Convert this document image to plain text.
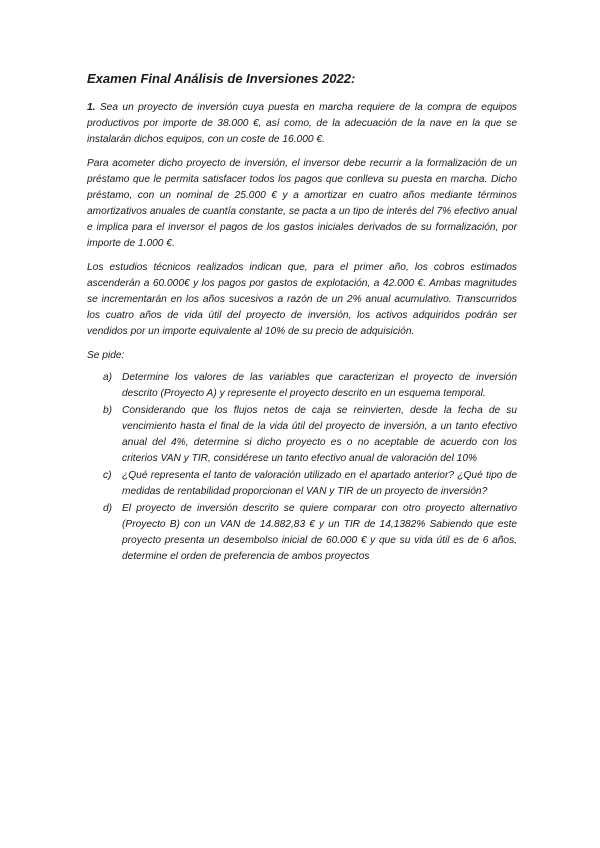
Examen Final Análisis de Inversiones 2022:

1. Sea un proyecto de inversión cuya puesta en marcha requiere de la compra de equipos productivos por importe de 38.000 €, así como, de la adecuación de la nave en la que se instalarán dichos equipos, con un coste de 16.000 €.

Para acometer dicho proyecto de inversión, el inversor debe recurrir a la formalización de un préstamo que le permita satisfacer todos los pagos que conlleva su puesta en marcha. Dicho préstamo, con un nominal de 25.000 € y a amortizar en cuatro años mediante términos amortizativos anuales de cuantía constante, se pacta a un tipo de interés del 7% efectivo anual e implica para el inversor el pagos de los gastos iniciales derivados de su formalización, por importe de 1.000 €.

Los estudios técnicos realizados indican que, para el primer año, los cobros estimados ascenderán a 60.000€ y los pagos por gastos de explotación, a 42.000 €. Ambas magnitudes se incrementarán en los años sucesivos a razón de un 2% anual acumulativo. Transcurridos los cuatro años de vida útil del proyecto de inversión, los activos adquiridos podrán ser vendidos por un importe equivalente al 10% de su precio de adquisición.

Se pide:
a) Determine los valores de las variables que caracterizan el proyecto de inversión descrito (Proyecto A) y represente el proyecto descrito en un esquema temporal.
b) Considerando que los flujos netos de caja se reinvierten, desde la fecha de su vencimiento hasta el final de la vida útil del proyecto de inversión, a un tanto efectivo anual del 4%, determine si dicho proyecto es o no aceptable de acuerdo con los criterios VAN y TIR, considérese un tanto efectivo anual de valoración del 10%
c) ¿Qué representa el tanto de valoración utilizado en el apartado anterior? ¿Qué tipo de medidas de rentabilidad proporcionan el VAN y TIR de un proyecto de inversión?
d) El proyecto de inversión descrito se quiere comparar con otro proyecto alternativo (Proyecto B) con un VAN de 14.882,83 € y un TIR de 14,1382% Sabiendo que este proyecto presenta un desembolso inicial de 60.000 € y que su vida útil es de 6 años, determine el orden de preferencia de ambos proyectos
